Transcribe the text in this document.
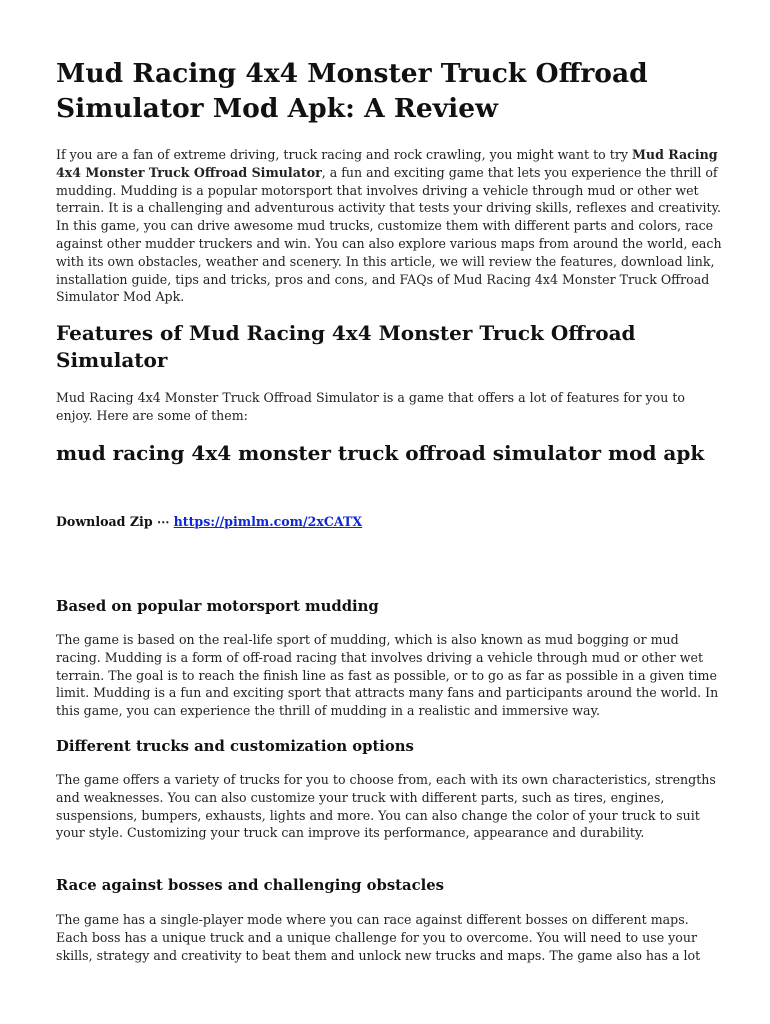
Mud Racing 4x4 Monster Truck Offroad Simulator Mod Apk: A Review

If you are a fan of extreme driving, truck racing and rock crawling, you might want to try Mud Racing 4x4 Monster Truck Offroad Simulator, a fun and exciting game that lets you experience the thrill of mudding. Mudding is a popular motorsport that involves driving a vehicle through mud or other wet terrain. It is a challenging and adventurous activity that tests your driving skills, reflexes and creativity. In this game, you can drive awesome mud trucks, customize them with different parts and colors, race against other mudder truckers and win. You can also explore various maps from around the world, each with its own obstacles, weather and scenery. In this article, we will review the features, download link, installation guide, tips and tricks, pros and cons, and FAQs of Mud Racing 4x4 Monster Truck Offroad Simulator Mod Apk.

Features of Mud Racing 4x4 Monster Truck Offroad Simulator

Mud Racing 4x4 Monster Truck Offroad Simulator is a game that offers a lot of features for you to enjoy. Here are some of them:

mud racing 4x4 monster truck offroad simulator mod apk
Download Zip ⋯ https://pimlm.com/2xCATX
Based on popular motorsport mudding

The game is based on the real-life sport of mudding, which is also known as mud bogging or mud racing. Mudding is a form of off-road racing that involves driving a vehicle through mud or other wet terrain. The goal is to reach the finish line as fast as possible, or to go as far as possible in a given time limit. Mudding is a fun and exciting sport that attracts many fans and participants around the world. In this game, you can experience the thrill of mudding in a realistic and immersive way.

Different trucks and customization options

The game offers a variety of trucks for you to choose from, each with its own characteristics, strengths and weaknesses. You can also customize your truck with different parts, such as tires, engines, suspensions, bumpers, exhausts, lights and more. You can also change the color of your truck to suit your style. Customizing your truck can improve its performance, appearance and durability.

Race against bosses and challenging obstacles

The game has a single-player mode where you can race against different bosses on different maps. Each boss has a unique truck and a unique challenge for you to overcome. You will need to use your skills, strategy and creativity to beat them and unlock new trucks and maps. The game also has a lot
